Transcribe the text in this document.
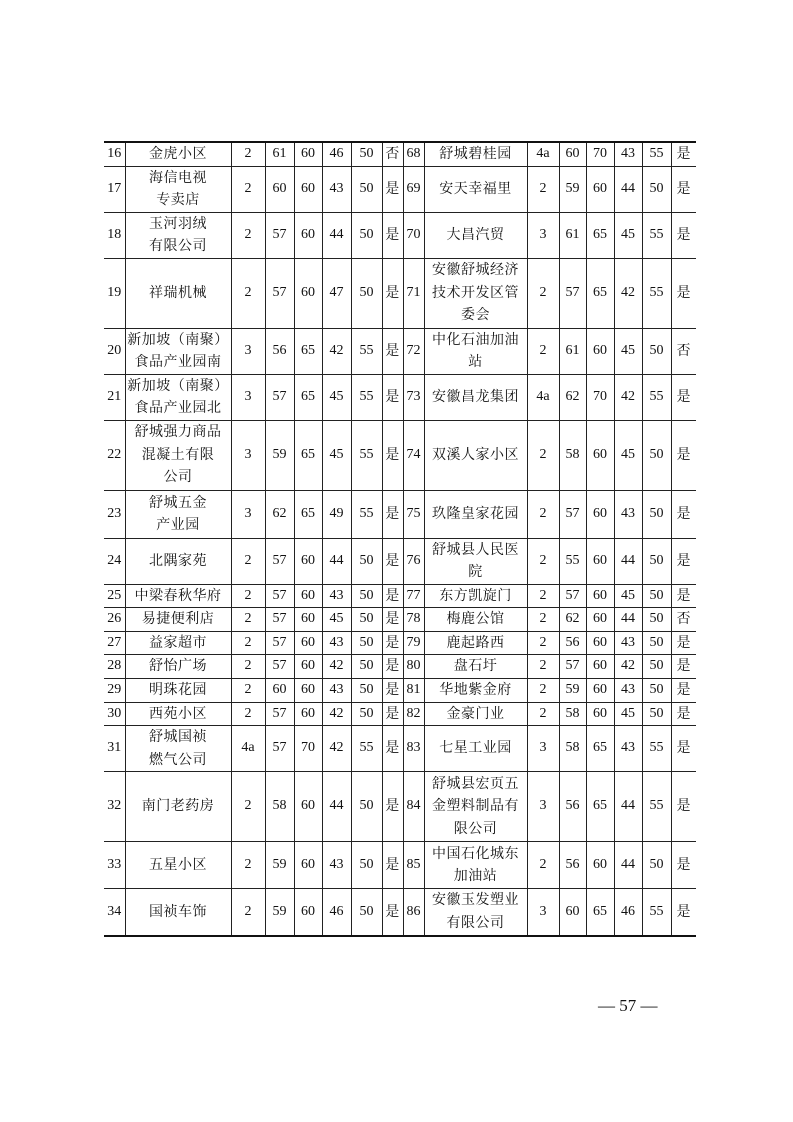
16	金虎小区	2	61	60	46	50	否	68	舒城碧桂园	4a	60	70	43	55	是
17	海信电视
专卖店	2	60	60	43	50	是	69	安天幸福里	2	59	60	44	50	是
18	玉河羽绒
有限公司	2	57	60	44	50	是	70	大昌汽贸	3	61	65	45	55	是
19	祥瑞机械	2	57	60	47	50	是	71	安徽舒城经济
技术开发区管
委会	2	57	65	42	55	是
20	新加坡（南聚）
食品产业园南	3	56	65	42	55	是	72	中化石油加油
站	2	61	60	45	50	否
21	新加坡（南聚）
食品产业园北	3	57	65	45	55	是	73	安徽昌龙集团	4a	62	70	42	55	是
22	舒城强力商品
混凝土有限
公司	3	59	65	45	55	是	74	双溪人家小区	2	58	60	45	50	是
23	舒城五金
产业园	3	62	65	49	55	是	75	玖隆皇家花园	2	57	60	43	50	是
24	北隅家苑	2	57	60	44	50	是	76	舒城县人民医
院	2	55	60	44	50	是
25	中梁春秋华府	2	57	60	43	50	是	77	东方凯旋门	2	57	60	45	50	是
26	易捷便利店	2	57	60	45	50	是	78	梅鹿公馆	2	62	60	44	50	否
27	益家超市	2	57	60	43	50	是	79	鹿起路西	2	56	60	43	50	是
28	舒怡广场	2	57	60	42	50	是	80	盘石圩	2	57	60	42	50	是
29	明珠花园	2	60	60	43	50	是	81	华地紫金府	2	59	60	43	50	是
30	西苑小区	2	57	60	42	50	是	82	金豪门业	2	58	60	45	50	是
31	舒城国祯
燃气公司	4a	57	70	42	55	是	83	七星工业园	3	58	65	43	55	是
32	南门老药房	2	58	60	44	50	是	84	舒城县宏页五
金塑料制品有
限公司	3	56	65	44	55	是
33	五星小区	2	59	60	43	50	是	85	中国石化城东
加油站	2	56	60	44	50	是
34	国祯车饰	2	59	60	46	50	是	86	安徽玉发塑业
有限公司	3	60	65	46	55	是
— 57 —
